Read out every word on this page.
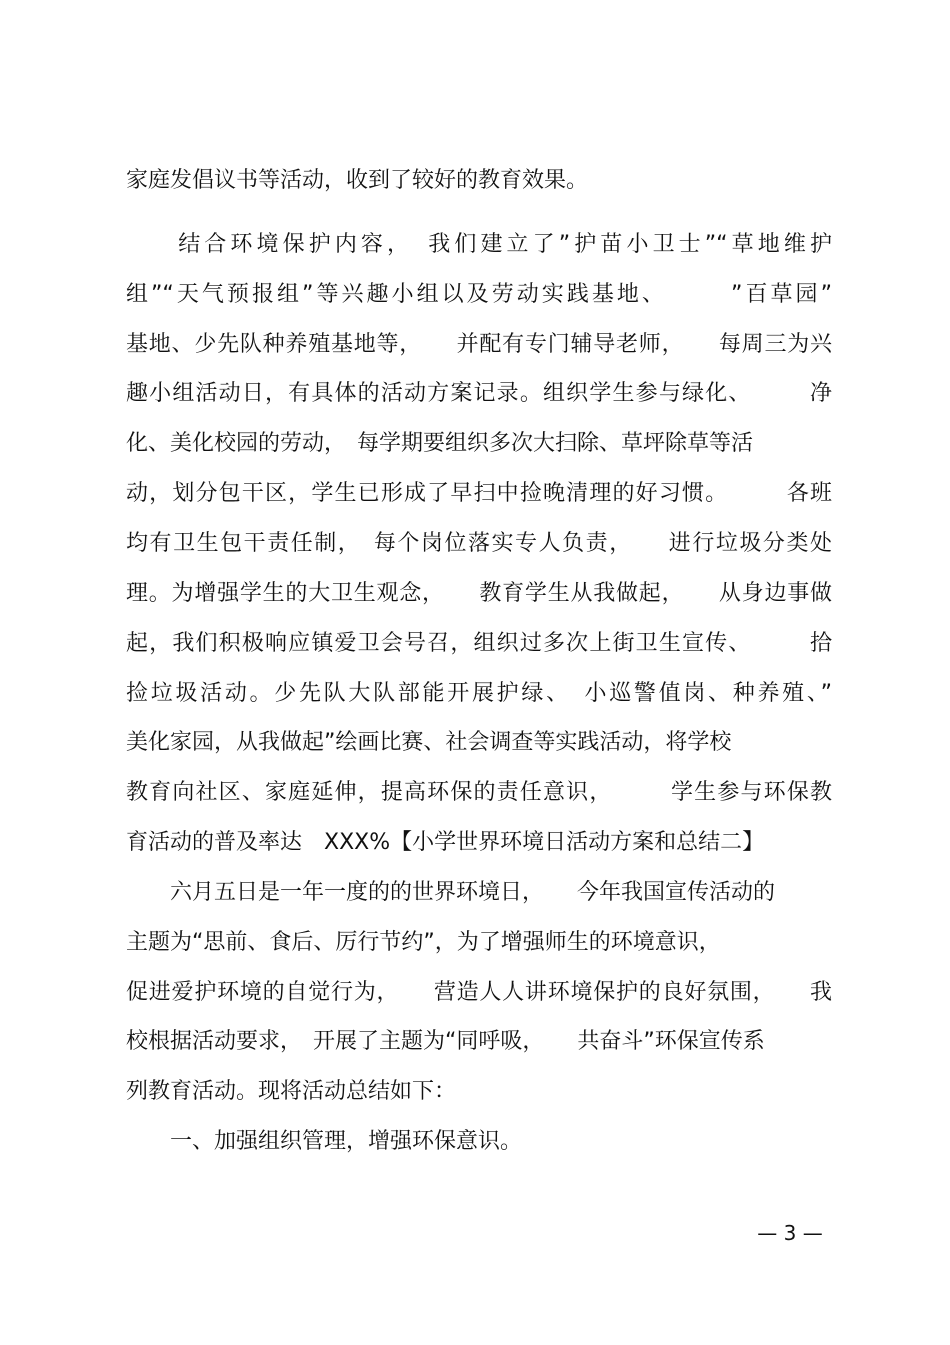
家庭发倡议书等活动，收到了较好的教育效果。
　　结合环境保护内容，　我们建立了”护苗小卫士”“草地维护
组”“天气预报组”等兴趣小组以及劳动实践基地、　　　”百草园”
基地、少先队种养殖基地等，　　并配有专门辅导老师，　　每周三为兴
趣小组活动日，有具体的活动方案记录。组织学生参与绿化、　　　净
化、美化校园的劳动，　每学期要组织多次大扫除、草坪除草等活
动，划分包干区，学生已形成了早扫中捡晚清理的好习惯。　　　各班
均有卫生包干责任制，　每个岗位落实专人负责，　　进行垃圾分类处
理。为增强学生的大卫生观念，　　教育学生从我做起，　　从身边事做
起，我们积极响应镇爱卫会号召，组织过多次上街卫生宣传、　　　拾
捡垃圾活动。少先队大队部能开展护绿、　小巡警值岗、种养殖、”
美化家园，从我做起”绘画比赛、社会调查等实践活动，将学校
教育向社区、家庭延伸，提高环保的责任意识，　　　学生参与环保教
育活动的普及率达　XXX%【小学世界环境日活动方案和总结二】
　　六月五日是一年一度的的世界环境日，　　今年我国宣传活动的
主题为“思前、食后、厉行节约”，为了增强师生的环境意识，
促进爱护环境的自觉行为，　　营造人人讲环境保护的良好氛围，　　我
校根据活动要求，　开展了主题为“同呼吸，　　共奋斗”环保宣传系
列教育活动。现将活动总结如下：
　　一、加强组织管理，增强环保意识。
— 3 —
